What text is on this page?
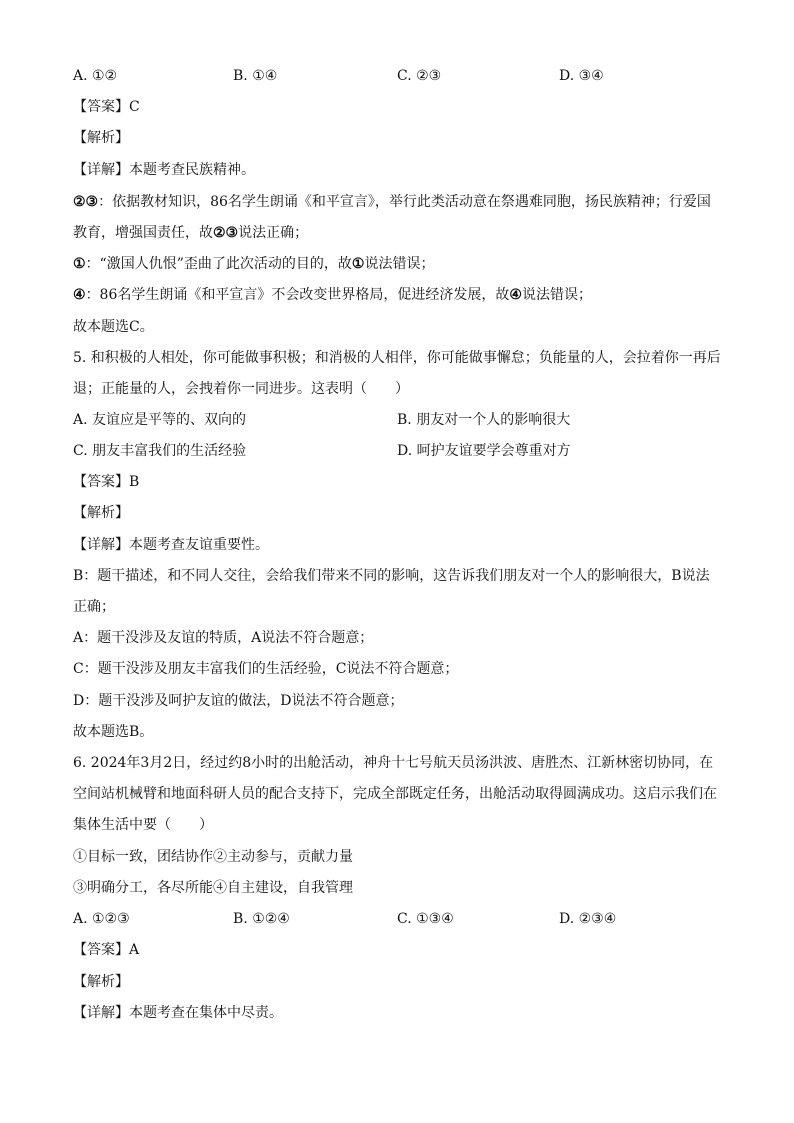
A. ①②	B. ①④	C. ②③	D. ③④
【答案】C
【解析】
【详解】本题考查民族精神。
②③：依据教材知识，86名学生朗诵《和平宣言》，举行此类活动意在祭遇难同胞，扬民族精神；行爱国
教育，增强国责任，故②③说法正确；
①：“激国人仇恨”歪曲了此次活动的目的，故①说法错误；
④：86名学生朗诵《和平宣言》不会改变世界格局，促进经济发展，故④说法错误；
故本题选C。
5. 和积极的人相处，你可能做事积极；和消极的人相伴，你可能做事懈怠；负能量的人，会拉着你一再后
退；正能量的人，会拽着你一同进步。这表明（　　）
A. 友谊应是平等的、双向的	B. 朋友对一个人的影响很大
C. 朋友丰富我们的生活经验	D. 呵护友谊要学会尊重对方
【答案】B
【解析】
【详解】本题考查友谊重要性。
B：题干描述，和不同人交往，会给我们带来不同的影响，这告诉我们朋友对一个人的影响很大，B说法
正确；
A：题干没涉及友谊的特质，A说法不符合题意；
C：题干没涉及朋友丰富我们的生活经验，C说法不符合题意；
D：题干没涉及呵护友谊的做法，D说法不符合题意；
故本题选B。
6. 2024年3月2日，经过约8小时的出舱活动，神舟十七号航天员汤洪波、唐胜杰、江新林密切协同，在
空间站机械臂和地面科研人员的配合支持下，完成全部既定任务，出舱活动取得圆满成功。这启示我们在
集体生活中要（　　）
①目标一致，团结协作②主动参与，贡献力量
③明确分工，各尽所能④自主建设，自我管理
A. ①②③	B. ①②④	C. ①③④	D. ②③④
【答案】A
【解析】
【详解】本题考查在集体中尽责。
